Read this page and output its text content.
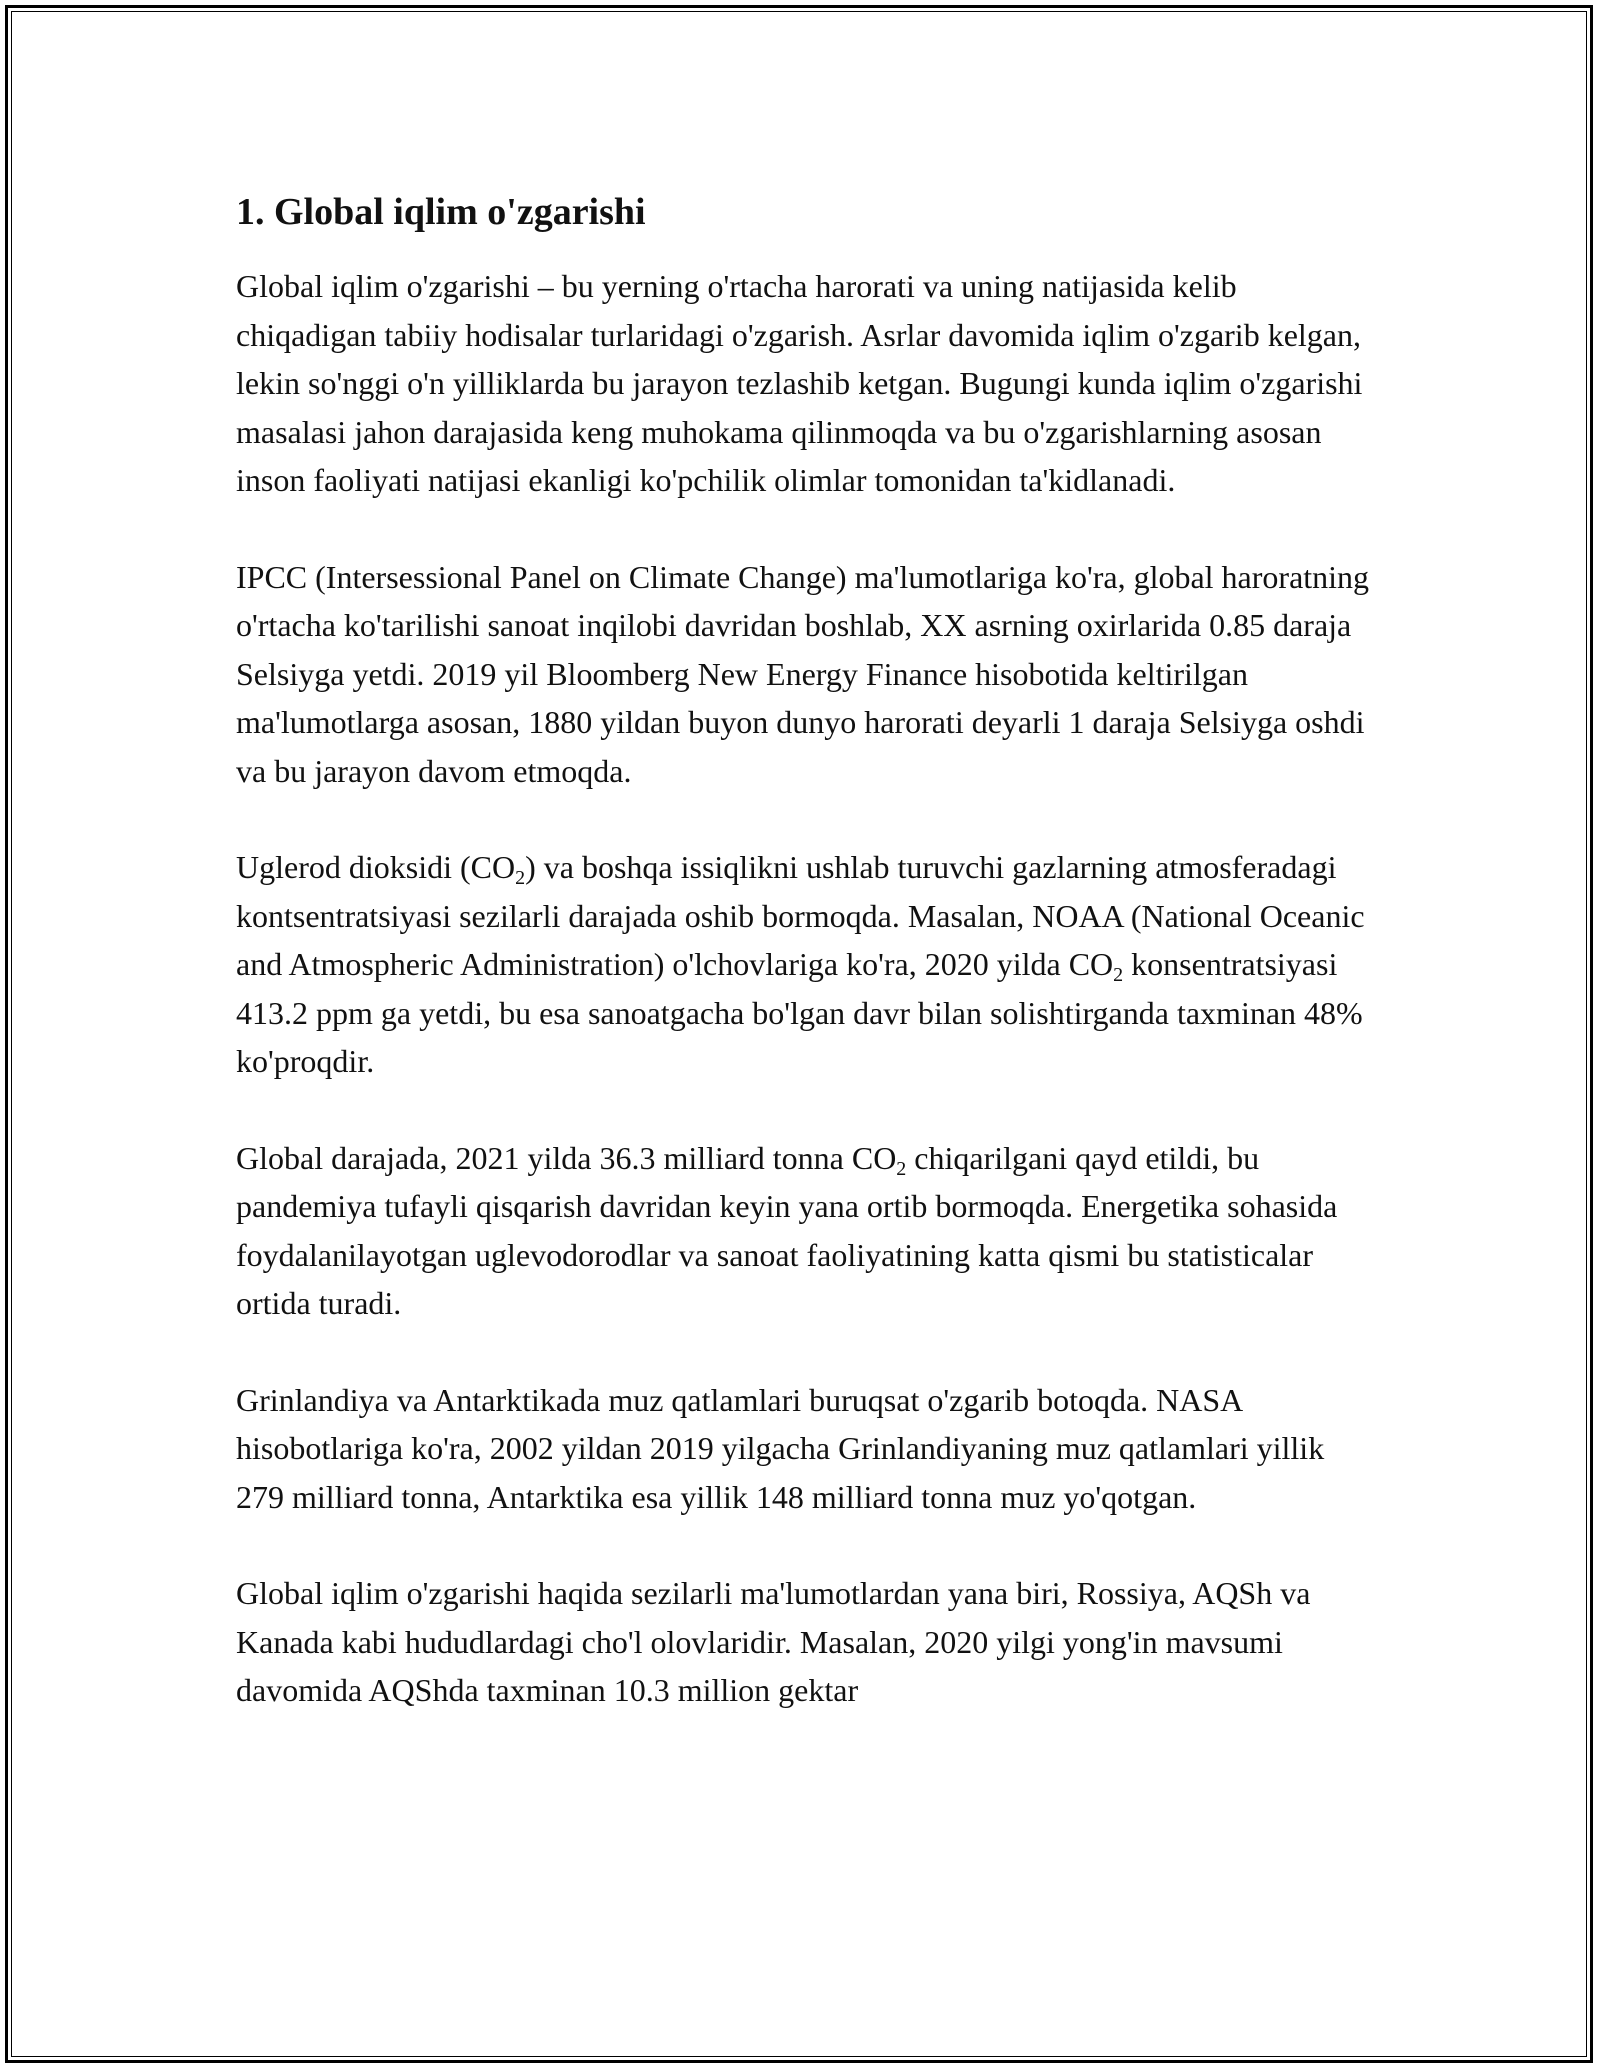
1. Global iqlim o'zgarishi

Global iqlim o'zgarishi – bu yerning o'rtacha harorati va uning natijasida kelib chiqadigan tabiiy hodisalar turlaridagi o'zgarish. Asrlar davomida iqlim o'zgarib kelgan, lekin so'nggi o'n yilliklarda bu jarayon tezlashib ketgan. Bugungi kunda iqlim o'zgarishi masalasi jahon darajasida keng muhokama qilinmoqda va bu o'zgarishlarning asosan inson faoliyati natijasi ekanligi ko'pchilik olimlar tomonidan ta'kidlanadi.

IPCC (Intersessional Panel on Climate Change) ma'lumotlariga ko'ra, global haroratning o'rtacha ko'tarilishi sanoat inqilobi davridan boshlab, XX asrning oxirlarida 0.85 daraja Selsiyga yetdi. 2019 yil Bloomberg New Energy Finance hisobotida keltirilgan ma'lumotlarga asosan, 1880 yildan buyon dunyo harorati deyarli 1 daraja Selsiyga oshdi va bu jarayon davom etmoqda.

Uglerod dioksidi $(CO_2)$ va boshqa issiqlikni ushlab turuvchi gazlarning atmosferadagi kontsentratsiyasi sezilarli darajada oshib bormoqda. Masalan, NOAA (National Oceanic and Atmospheric Administration) o'lchovlariga ko'ra, 2020 yilda $CO_2$ konsentratsiyasi 413.2 ppm ga yetdi, bu esa sanoatgacha bo'lgan davr bilan solishtirganda taxminan 48% ko'proqdir.

Global darajada, 2021 yilda 36.3 milliard tonna $CO_2$ chiqarilgani qayd etildi, bu pandemiya tufayli qisqarish davridan keyin yana ortib bormoqda. Energetika sohasida foydalanilayotgan uglevodorodlar va sanoat faoliyatining katta qismi bu statisticalar ortida turadi.

Grinlandiya va Antarktikada muz qatlamlari buruqsat o'zgarib botoqda. NASA hisobotlariga ko'ra, 2002 yildan 2019 yilgacha Grinlandiyaning muz qatlamlari yillik 279 milliard tonna, Antarktika esa yillik 148 milliard tonna muz yo'qotgan.

Global iqlim o'zgarishi haqida sezilarli ma'lumotlardan yana biri, Rossiya, AQSh va Kanada kabi hududlardagi cho'l olovlaridir. Masalan, 2020 yilgi yong'in mavsumi davomida AQShda taxminan 10.3 million gektar
